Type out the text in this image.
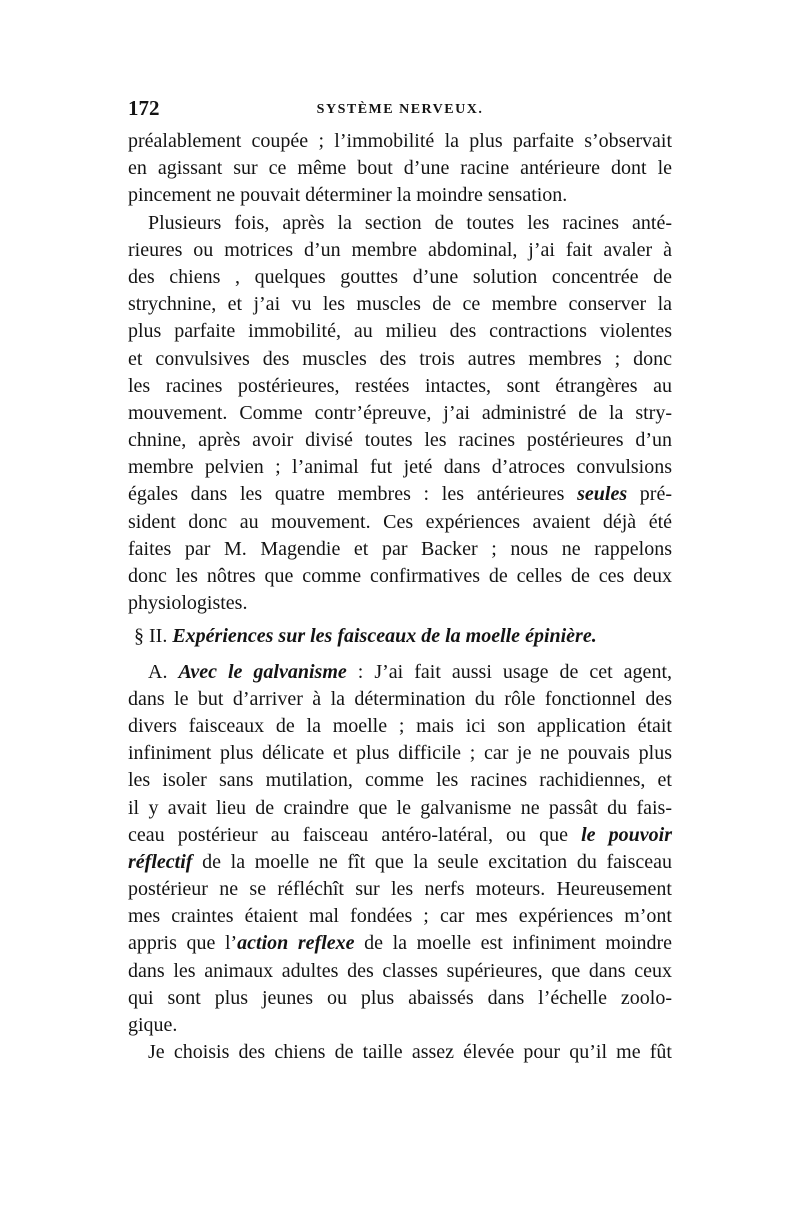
172	SYSTÈME NERVEUX.
préalablement coupée ; l’immobilité la plus parfaite s’observait
en agissant sur ce même bout d’une racine antérieure dont le
pincement ne pouvait déterminer la moindre sensation.
Plusieurs fois, après la section de toutes les racines anté-
rieures ou motrices d’un membre abdominal, j’ai fait avaler à
des chiens , quelques gouttes d’une solution concentrée de
strychnine, et j’ai vu les muscles de ce membre conserver la
plus parfaite immobilité, au milieu des contractions violentes
et convulsives des muscles des trois autres membres ; donc
les racines postérieures, restées intactes, sont étrangères au
mouvement. Comme contr’épreuve, j’ai administré de la stry-
chnine, après avoir divisé toutes les racines postérieures d’un
membre pelvien ; l’animal fut jeté dans d’atroces convulsions
égales dans les quatre membres : les antérieures seules pré-
sident donc au mouvement. Ces expériences avaient déjà été
faites par M. Magendie et par Backer ; nous ne rappelons
donc les nôtres que comme confirmatives de celles de ces deux
physiologistes.
§ II. Expériences sur les faisceaux de la moelle épinière.
A. Avec le galvanisme : J’ai fait aussi usage de cet agent,
dans le but d’arriver à la détermination du rôle fonctionnel des
divers faisceaux de la moelle ; mais ici son application était
infiniment plus délicate et plus difficile ; car je ne pouvais plus
les isoler sans mutilation, comme les racines rachidiennes, et
il y avait lieu de craindre que le galvanisme ne passât du fais-
ceau postérieur au faisceau antéro-latéral, ou que le pouvoir
réflectif de la moelle ne fît que la seule excitation du faisceau
postérieur ne se réfléchît sur les nerfs moteurs. Heureusement
mes craintes étaient mal fondées ; car mes expériences m’ont
appris que l’action reflexe de la moelle est infiniment moindre
dans les animaux adultes des classes supérieures, que dans ceux
qui sont plus jeunes ou plus abaissés dans l’échelle zoolo-
gique.
Je choisis des chiens de taille assez élevée pour qu’il me fût
